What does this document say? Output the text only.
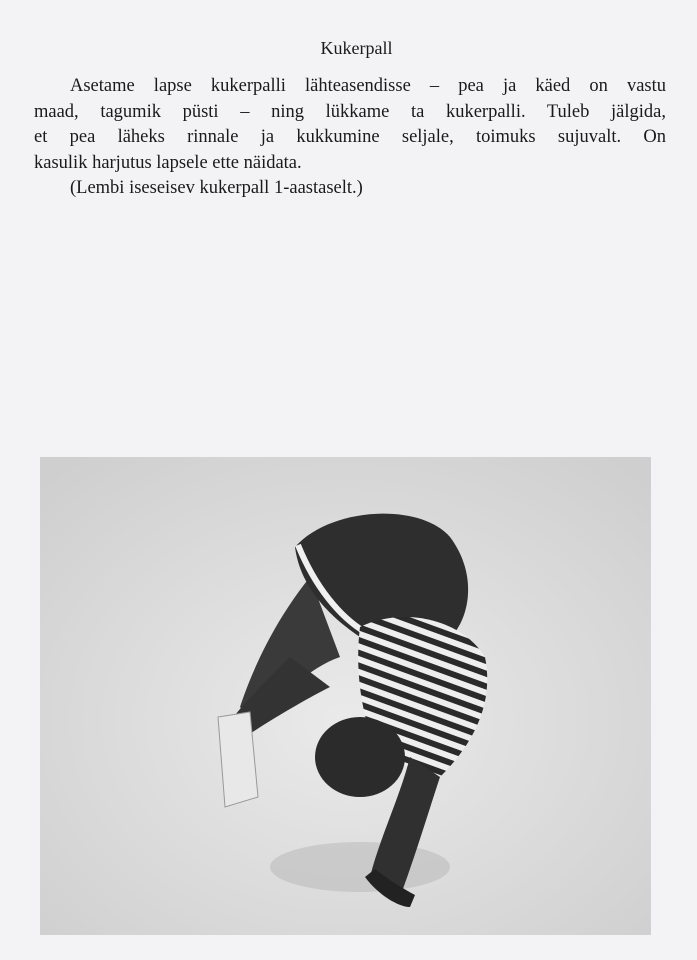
Kukerpall
Asetame lapse kukerpalli lähteasendisse – pea ja käed on vastu
maad, tagumik püsti – ning lükkame ta kukerpalli. Tuleb jälgida,
et pea läheks rinnale ja kukkumine seljale, toimuks sujuvalt. On
kasulik harjutus lapsele ette näidata.
(Lembi iseseisev kukerpall 1-aastaselt.)
